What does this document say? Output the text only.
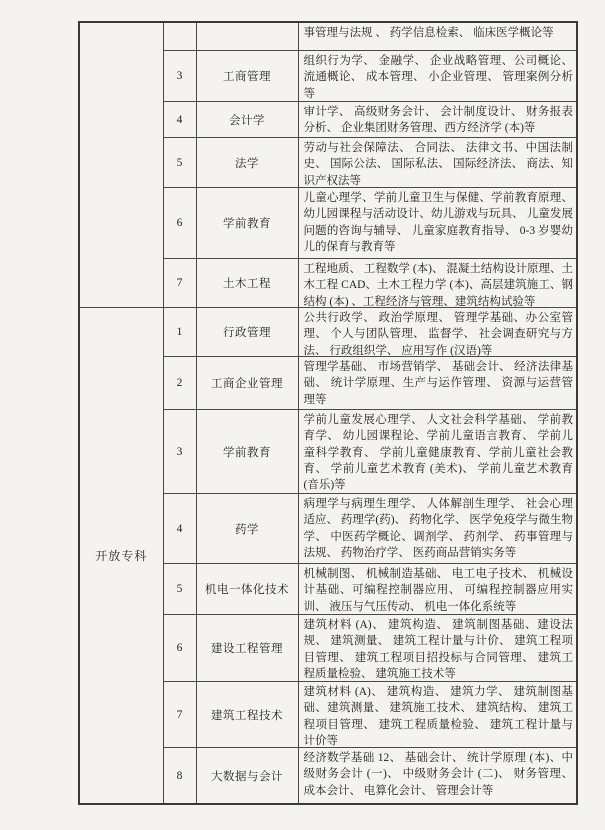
			事管理与法规 、 药学信息检索、 临床医学概论等

	3	工商管理	组织行为学、 金融学、 企业战略管理、公司概论、流通概论、 成本管理、 小企业管理、 管理案例分析等

	4	会计学	审计学、 高级财务会计、 会计制度设计、 财务报表分析、 企业集团财务管理、西方经济学 (本)等

	5	法学	劳动与社会保障法、 合同法、 法律文书、中国法制史、 国际公法、 国际私法、 国际经济法、 商法、知识产权法等

	6	学前教育	儿童心理学、学前儿童卫生与保健、学前教育原理、幼儿园课程与活动设计、幼儿游戏与玩具、 儿童发展问题的咨询与辅导、 儿童家庭教育指导、 0-3 岁婴幼儿的保育与教育等

	7	土木工程	工程地质、 工程数学 (本)、 混凝土结构设计原理、土木工程 CAD、土木工程力学 (本)、高层建筑施工、钢结构 (本) 、工程经济与管理、建筑结构试验等

开放专科	1	行政管理	公共行政学、 政治学原理、 管理学基础、办公室管理、 个人与团队管理、 监督学、 社会调查研究与方法、 行政组织学、 应用写作 (汉语)等

	2	工商企业管理	管理学基础、 市场营销学、 基础会计、 经济法律基础、 统计学原理、生产与运作管理、 资源与运营管理等

	3	学前教育	学前儿童发展心理学、 人文社会科学基础、 学前教育学、 幼儿园课程论、学前儿童语言教育、 学前儿童科学教育、 学前儿童健康教育、学前儿童社会教育、 学前儿童艺术教育 (美术)、 学前儿童艺术教育 (音乐)等

	4	药学	病理学与病理生理学、 人体解剖生理学、 社会心理适应、 药理学(药)、 药物化学、 医学免疫学与微生物学、 中医药学概论、调剂学、 药剂学、 药事管理与法规、 药物治疗学、 医药商品营销实务等

	5	机电一体化技术	机械制图、 机械制造基础、 电工电子技术、 机械设计基础、可编程控制器应用、 可编程控制器应用实训、 液压与气压传动、 机电一体化系统等

	6	建设工程管理	建筑材料 (A)、 建筑构造、 建筑制图基础、建设法规、 建筑测量、 建筑工程计量与计价、 建筑工程项目管理、 建筑工程项目招投标与合同管理、 建筑工程质量检验、 建筑施工技术等

	7	建筑工程技术	建筑材料 (A)、 建筑构造、 建筑力学、 建筑制图基础、建筑测量、 建筑施工技术、 建筑结构、 建筑工程项目管理、 建筑工程质量检验、 建筑工程计量与计价等

	8	大数据与会计	经济数学基础 12、 基础会计、 统计学原理 (本)、中级财务会计 (一)、 中级财务会计 (二)、 财务管理、 成本会计、 电算化会计、 管理会计等
